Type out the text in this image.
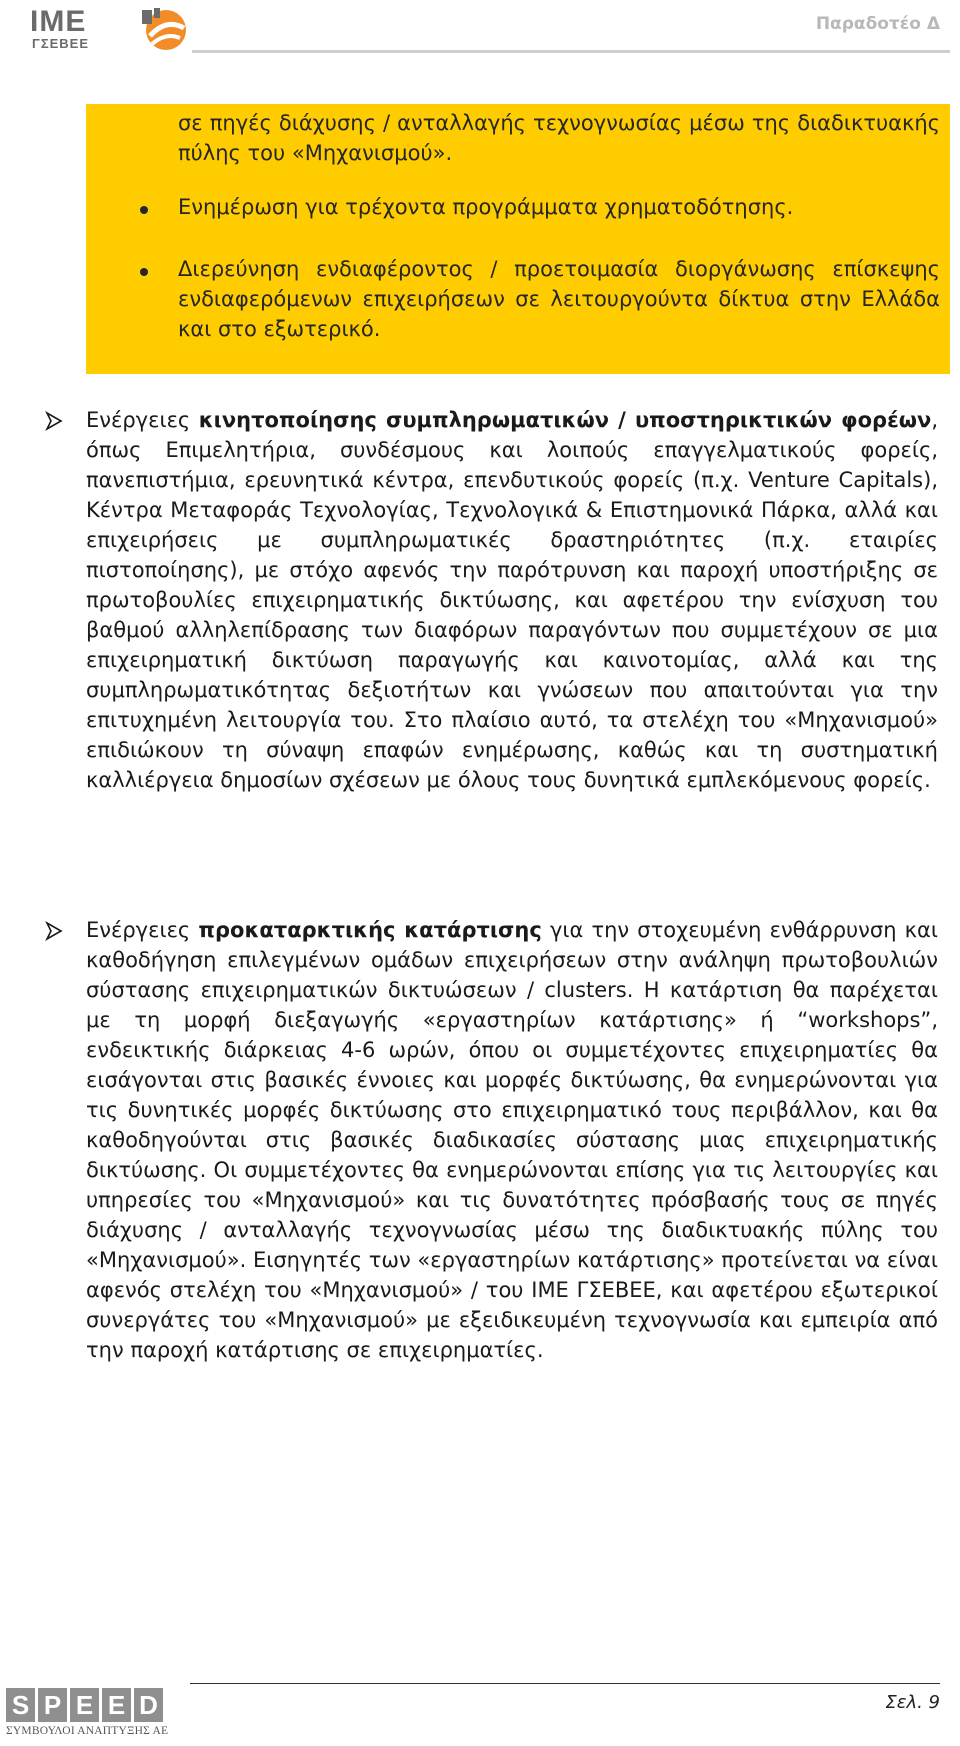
IME
ΓΣΕΒΕΕ
Παραδοτέο Δ
σε πηγές διάχυσης / ανταλλαγής τεχνογνωσίας μέσω της διαδικτυακής πύλης του «Μηχανισμού».
Ενημέρωση για τρέχοντα προγράμματα χρηματοδότησης.
Διερεύνηση ενδιαφέροντος / προετοιμασία διοργάνωσης επίσκεψης ενδιαφερόμενων επιχειρήσεων σε λειτουργούντα δίκτυα στην Ελλάδα και στο εξωτερικό.
Ενέργειες κινητοποίησης συμπληρωματικών / υποστηρικτικών φορέων, όπως Επιμελητήρια, συνδέσμους και λοιπούς επαγγελματικούς φορείς, πανεπιστήμια, ερευνητικά κέντρα, επενδυτικούς φορείς (π.χ. Venture Capitals), Κέντρα Μεταφοράς Τεχνολογίας, Τεχνολογικά & Επιστημονικά Πάρκα, αλλά και επιχειρήσεις με συμπληρωματικές δραστηριότητες (π.χ. εταιρίες πιστοποίησης), με στόχο αφενός την παρότρυνση και παροχή υποστήριξης σε πρωτοβουλίες επιχειρηματικής δικτύωσης, και αφετέρου την ενίσχυση του βαθμού αλληλεπίδρασης των διαφόρων παραγόντων που συμμετέχουν σε μια επιχειρηματική δικτύωση παραγωγής και καινοτομίας, αλλά και της συμπληρωματικότητας δεξιοτήτων και γνώσεων που απαιτούνται για την επιτυχημένη λειτουργία του. Στο πλαίσιο αυτό, τα στελέχη του «Μηχανισμού» επιδιώκουν τη σύναψη επαφών ενημέρωσης, καθώς και τη συστηματική καλλιέργεια δημοσίων σχέσεων με όλους τους δυνητικά εμπλεκόμενους φορείς.
Ενέργειες προκαταρκτικής κατάρτισης για την στοχευμένη ενθάρρυνση και καθοδήγηση επιλεγμένων ομάδων επιχειρήσεων στην ανάληψη πρωτοβουλιών σύστασης επιχειρηματικών δικτυώσεων / clusters. Η κατάρτιση θα παρέχεται με τη μορφή διεξαγωγής «εργαστηρίων κατάρτισης» ή “workshops”, ενδεικτικής διάρκειας 4-6 ωρών, όπου οι συμμετέχοντες επιχειρηματίες θα εισάγονται στις βασικές έννοιες και μορφές δικτύωσης, θα ενημερώνονται για τις δυνητικές μορφές δικτύωσης στο επιχειρηματικό τους περιβάλλον, και θα καθοδηγούνται στις βασικές διαδικασίες σύστασης μιας επιχειρηματικής δικτύωσης. Οι συμμετέχοντες θα ενημερώνονται επίσης για τις λειτουργίες και υπηρεσίες του «Μηχανισμού» και τις δυνατότητες πρόσβασής τους σε πηγές διάχυσης / ανταλλαγής τεχνογνωσίας μέσω της διαδικτυακής πύλης του «Μηχανισμού». Εισηγητές των «εργαστηρίων κατάρτισης» προτείνεται να είναι αφενός στελέχη του «Μηχανισμού» / του ΙΜΕ ΓΣΕΒΕΕ, και αφετέρου εξωτερικοί συνεργάτες του «Μηχανισμού» με εξειδικευμένη τεχνογνωσία και εμπειρία από την παροχή κατάρτισης σε επιχειρηματίες.
Σελ. 9
S P E E D
ΣΥΜΒΟΥΛΟΙ ΑΝΑΠΤΥΞΗΣ ΑΕ
